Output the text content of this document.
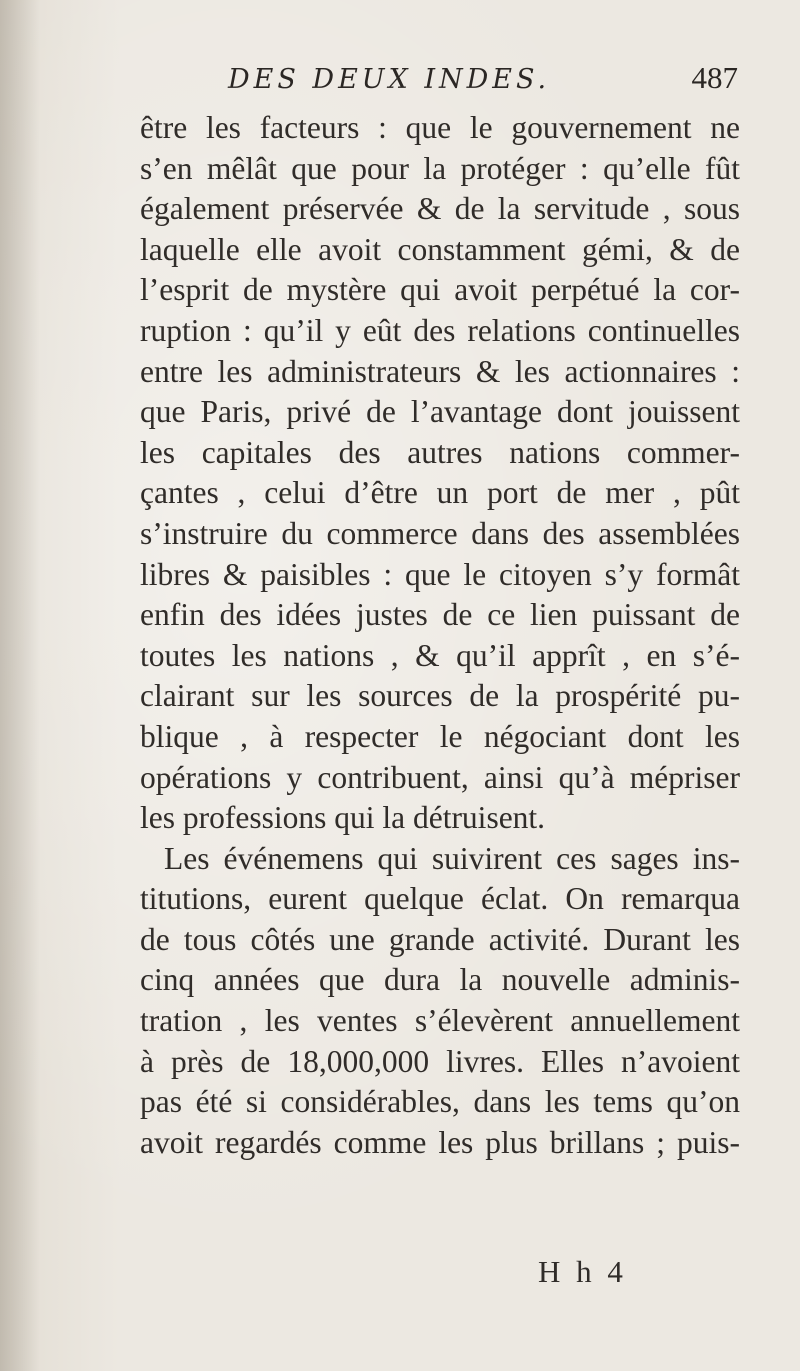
DES DEUX INDES.	487
être les facteurs : que le gouvernement ne
s’en mêlât que pour la protéger : qu’elle fût
également préservée & de la servitude , sous
laquelle elle avoit constamment gémi, & de
l’esprit de mystère qui avoit perpétué la cor-
ruption : qu’il y eût des relations continuelles
entre les administrateurs & les actionnaires :
que Paris, privé de l’avantage dont jouissent
les capitales des autres nations commer-
çantes , celui d’être un port de mer , pût
s’instruire du commerce dans des assemblées
libres & paisibles : que le citoyen s’y formât
enfin des idées justes de ce lien puissant de
toutes les nations , & qu’il apprît , en s’é-
clairant sur les sources de la prospérité pu-
blique , à respecter le négociant dont les
opérations y contribuent, ainsi qu’à mépriser
les professions qui la détruisent.
Les événemens qui suivirent ces sages ins-
titutions, eurent quelque éclat. On remarqua
de tous côtés une grande activité. Durant les
cinq années que dura la nouvelle adminis-
tration , les ventes s’élevèrent annuellement
à près de 18,000,000 livres. Elles n’avoient
pas été si considérables, dans les tems qu’on
avoit regardés comme les plus brillans ; puis-
H h 4
